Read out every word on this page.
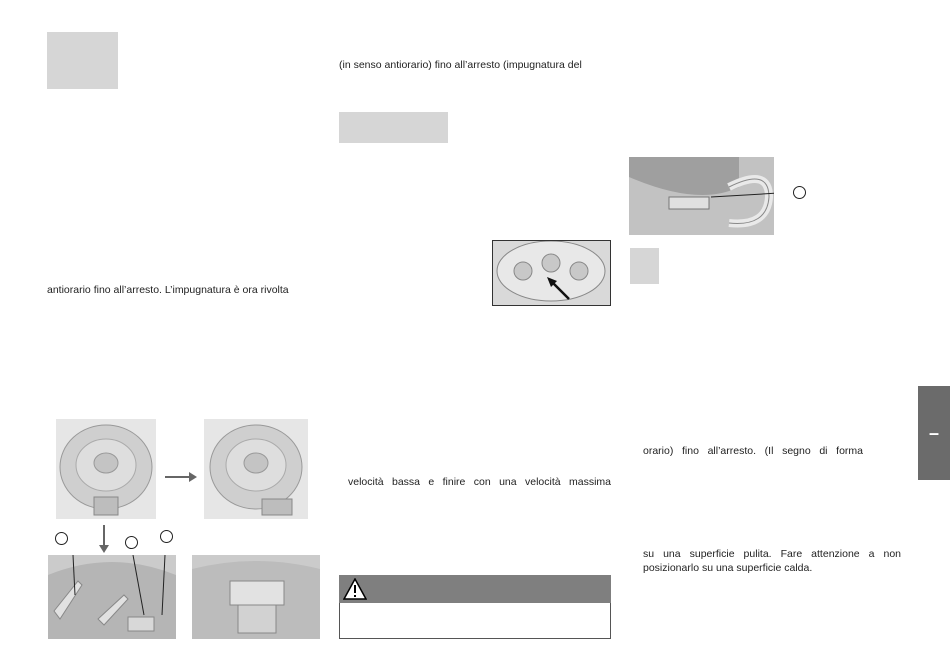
antiorario fino all’arresto. L’impugnatura è ora rivolta
(in senso antiorario) fino all’arresto (impugnatura del
velocità bassa e finire con una velocità massima
orario) fino all’arresto. (Il segno di forma
su una superficie pulita. Fare attenzione a non
posizionarlo su una superficie calda.
–
